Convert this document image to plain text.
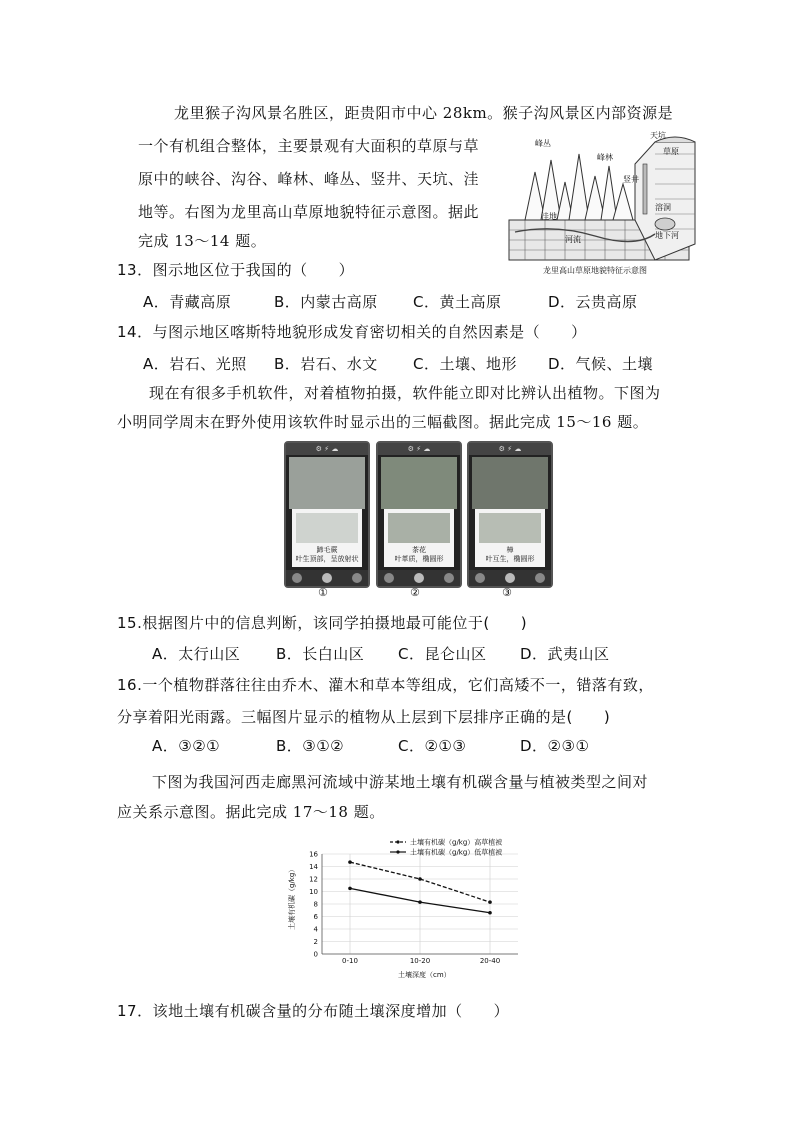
龙里猴子沟风景名胜区，距贵阳市中心 28km。猴子沟风景区内部资源是
一个有机组合整体，主要景观有大面积的草原与草
原中的峡谷、沟谷、峰林、峰丛、竖井、天坑、洼
地等。右图为龙里高山草原地貌特征示意图。据此
完成 13～14 题。
峰丛
峰林
草原
洼地
竖井
天坑
河流	地下河
溶洞
龙里高山草原地貌特征示意图
13．图示地区位于我国的（　　）
A．青藏高原	B．内蒙古高原 C．黄土高原	D．云贵高原
14．与图示地区喀斯特地貌形成发育密切相关的自然因素是（　　）
A．岩石、光照 B．岩石、水文 C．土壤、地形 D．气候、土壤
现在有很多手机软件，对着植物拍摄，软件能立即对比辨认出植物。下图为
小明同学周末在野外使用该软件时显示出的三幅截图。据此完成 15～16 题。
⚙ ⚡ ☁
蹄毛蕨
叶生顶部，呈放射状
⚙ ⚡ ☁
茶花
叶革质，椭圆形
⚙ ⚡ ☁
樟
叶互生，椭圆形
①	②	③
15.根据图片中的信息判断，该同学拍摄地最可能位于(　　)
A．太行山区 B．长白山区 C．昆仑山区 D．武夷山区
16.一个植物群落往往由乔木、灌木和草本等组成，它们高矮不一，错落有致，
分享着阳光雨露。三幅图片显示的植物从上层到下层排序正确的是(　　)
A．③②①	B．③①②	C．②①③	D．②③①
下图为我国河西走廊黑河流域中游某地土壤有机碳含量与植被类型之间对
应关系示意图。据此完成 17～18 题。
0
2
4
6
8
10
12
14
16
0-10	10-20	20-40
土壤有机碳（g/kg）高草植被
土壤有机碳（g/kg）低草植被
土壤有机碳（g/kg）
土壤深度（cm）
17．该地土壤有机碳含量的分布随土壤深度增加（　　）
